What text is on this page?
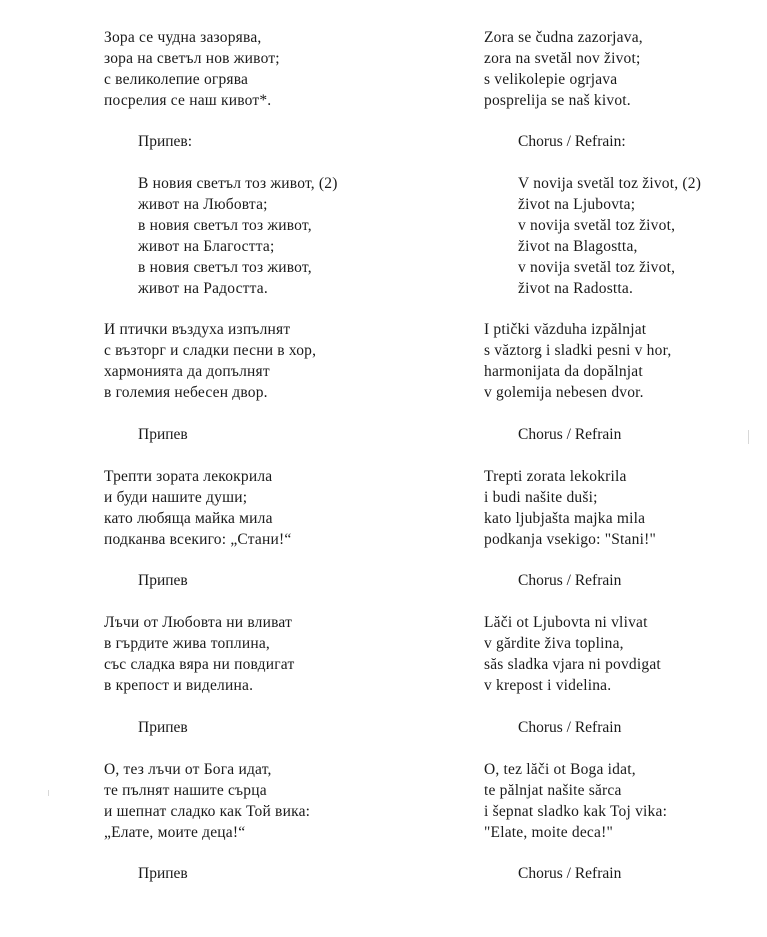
Зора се чудна зазорява,
зора на светъл нов живот;
с великолепие огрява
посрелия се наш кивот*.
Припев:
В новия светъл тоз живот, (2)
живот на Любовта;
в новия светъл тоз живот,
живот на Благостта;
в новия светъл тоз живот,
живот на Радостта.
И птички въздуха изпълнят
с възторг и сладки песни в хор,
хармонията да допълнят
в големия небесен двор.
Припев
Трепти зората лекокрила
и буди нашите души;
като любяща майка мила
подканва всекиго: „Стани!“
Припев
Лъчи от Любовта ни вливат
в гърдите жива топлина,
със сладка вяра ни повдигат
в крепост и виделина.
Припев
О, тез лъчи от Бога идат,
те пълнят нашите сърца
и шепнат сладко как Той вика:
„Елате, моите деца!“
Припев
Zora se čudna zazorjava,
zora na svetăl nov život;
s velikolepie ogrjava
posprelija se naš kivot.
Chorus / Refrain:
V novija svetăl toz život, (2)
život na Ljubovta;
v novija svetăl toz život,
život na Blagostta,
v novija svetăl toz život,
život na Radostta.
I ptički văzduha izpălnjat
s văztorg i sladki pesni v hor,
harmonijata da dopălnjat
v golemija nebesen dvor.
Chorus / Refrain
Trepti zorata lekokrila
i budi našite duši;
kato ljubjašta majka mila
podkanja vsekigo: "Stani!"
Chorus / Refrain
Lăči ot Ljubovta ni vlivat
v gărdite živa toplina,
săs sladka vjara ni povdigat
v krepost i videlina.
Chorus / Refrain
O, tez lăči ot Boga idat,
te pălnjat našite sărca
i šepnat sladko kak Toj vika:
"Elate, moite deca!"
Chorus / Refrain
